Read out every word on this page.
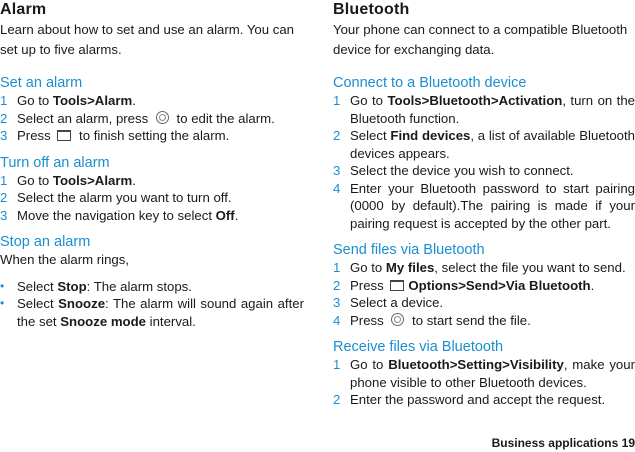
Alarm

Learn about how to set and use an alarm. You can set up to five alarms.

Set an alarm
1 Go to Tools>Alarm.
2 Select an alarm, press  to edit the alarm.
3 Press  to finish setting the alarm.
Turn off an alarm
1 Go to Tools>Alarm.
2 Select the alarm you want to turn off.
3 Move the navigation key to select Off.
Stop an alarm
When the alarm rings,
• Select Stop: The alarm stops.
• Select Snooze: The alarm will sound again after the set Snooze mode interval.
Bluetooth

Your phone can connect to a compatible Bluetooth device for exchanging data.

Connect to a Bluetooth device
1 Go to Tools>Bluetooth>Activation, turn on the Bluetooth function.
2 Select Find devices, a list of available Bluetooth devices appears.
3 Select the device you wish to connect.
4 Enter your Bluetooth password to start pairing (0000 by default).The pairing is made if your pairing request is accepted by the other part.
Send files via Bluetooth
1 Go to My files, select the file you want to send.
2 Press Options>Send>Via Bluetooth.
3 Select a device.
4 Press  to start send the file.
Receive files via Bluetooth
1 Go to Bluetooth>Setting>Visibility, make your phone visible to other Bluetooth devices.
2 Enter the password and accept the request.
Business applications 19
